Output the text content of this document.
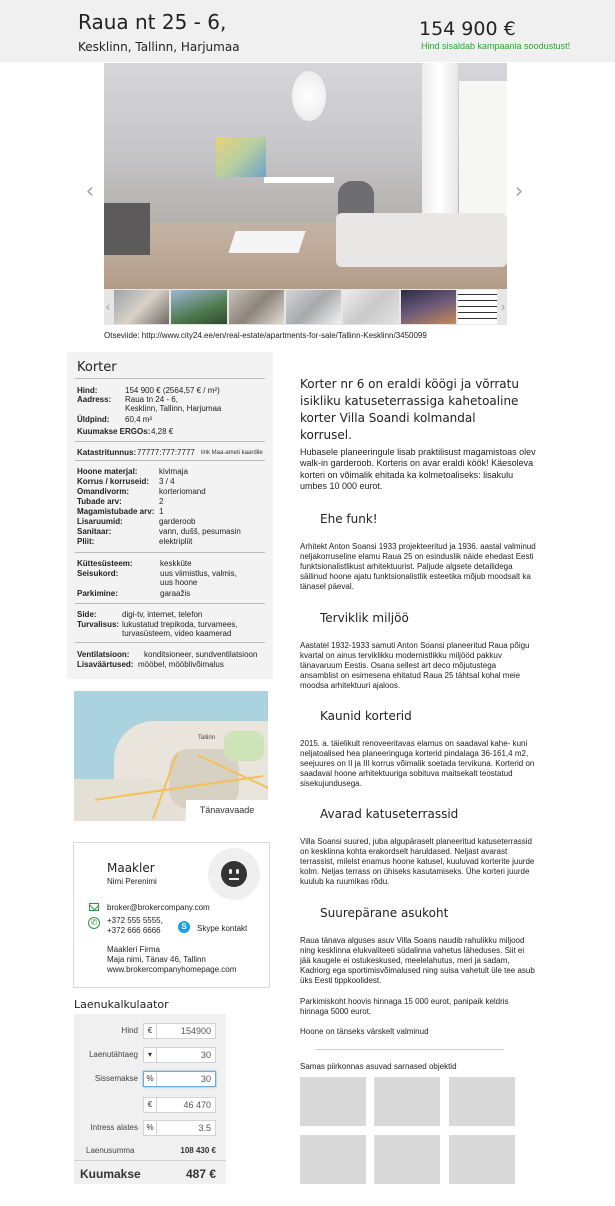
Raua nt 25 - 6,
Kesklinn, Tallinn, Harjumaa
154 900 €
Hind sisaldab kampaania soodustust!
‹	›
‹	›
Otseviide: http://www.city24.ee/en/real-estate/apartments-for-sale/Tallinn-Kesklinn/3450099
Korter
Hind:	154 900 € (2564,57 € / m²)
Aadress: Raua tn 24 - 6,
Kesklinn, Tallinn, Harjumaa
Üldpind: 60,4 m²
Kuumakse ERGOs: 4,28 €
Katastritunnus: 77777:777:7777 link Maa-ameti kaardile
Küttesüsteem:	keskküte
Seisukord:	uus viimistlus, valmis,
uus hoone
Parkimine:	garaažis
Side:	digi-tv, internet, telefon
Turvalisus: lukustatud trepikoda, turvamees,
turvasüsteem, video kaamerad
Ventilatsioon: konditsioneer, sundventilatsioon
Lisaväärtused: mööbel, mööblivõimalus
Hoone materjal:	kivimaja
Korrus / korruseid: 3 / 4
Omandivorm:	korteriomand
Tubade arv:	2
Magamistubade arv: 1
Lisaruumid:	garderoob
Sanitaar:	vann, dušš, pesumasin
Pliit:	elektripliit
Tallinn
Tänavavaade
Maakler
Nimi Perenimi
broker@brokercompany.com
✆	+372 555 5555,
+372 666 6666	S	Skype kontakt
Maakleri Firma
Maja nimi, Tänav 46, Tallinn
www.brokercompanyhomepage.com
Laenukalkulaator
Laenusumma	108 430 €
Kuumakse	487 €
Hind	€	154900
Laenutähtaeg	▾	30
Sissemakse	%	30
€	46 470
Intress alates	%	3.5
Korter nr 6 on eraldi köögi ja võrratu isikliku katuseterrassiga kahetoaline korter Villa Soandi kolmandal korrusel.
Hubasele planeeringule lisab praktilisust magamistoas olev walk-in garderoob. Korteris on avar eraldi köök! Käesoleva korteri on võimalik ehitada ka kolmetoaliseks: lisakulu umbes 10 000 eurot.
Ehe funk!
Arhitekt Anton Soansi 1933 projekteeritud ja 1936. aastal valminud neljakorruseline elamu Raua 25 on esinduslik näide ehedast Eesti funktsionalistlikust arhitektuurist. Paljude algsete detailidega säilinud hoone ajatu funktsionalistlik esteetika mõjub moodsalt ka tänasel päeval.
Terviklik miljöö
Aastatel 1932-1933 samuti Anton Soansi planeeritud Raua põigu kvartal on ainus terviklikku modernistlikku miljööd pakkuv tänavaruum Eestis. Osana sellest art deco mõjutustega ansamblist on esimesena ehitatud Raua 25 tähtsal kohal meie moodsa arhitektuuri ajaloos.
Kaunid korterid
2015. a. täielikult renoveeritavas elamus on saadaval kahe- kuni neljatoalised hea planeeringuga korterid pindalaga 36-161,4 m2, seejuures on II ja III korrus võimalik soetada tervikuna. Korterid on saadaval hoone arhitektuuriga sobituva maitsekalt teostatud sisekujundusega.
Avarad katuseterrassid
Villa Soansi suured, juba algupäraselt planeeritud katuseterrassid on kesklinna kohta erakordselt haruldased. Neljast avarast terrassist, milelst enamus hoone katusel, kuuluvad korterite juurde kolm. Neljas terrass on ühiseks kasutamiseks. Ühe korteri juurde kuulub ka ruumikas rõdu.
Suurepärane asukoht
Raua tänava alguses asuv Villa Soans naudib rahulikku miljood ning kesklinna elukvaliteeti südalinna vahetus läheduses. Siit ei jää kaugele ei ostukeskused, meelelahutus, meri ja sadam, Kadriorg ega sportimisvõimalused ning suisa vahetult üle tee asub üks Eesti tippkoolidest.
Parkimiskoht hoovis hinnaga 15 000 eurot, panipaik keldris hinnaga 5000 eurot.
Hoone on tänseks värskelt valminud
Samas piirkonnas asuvad sarnased objektid
